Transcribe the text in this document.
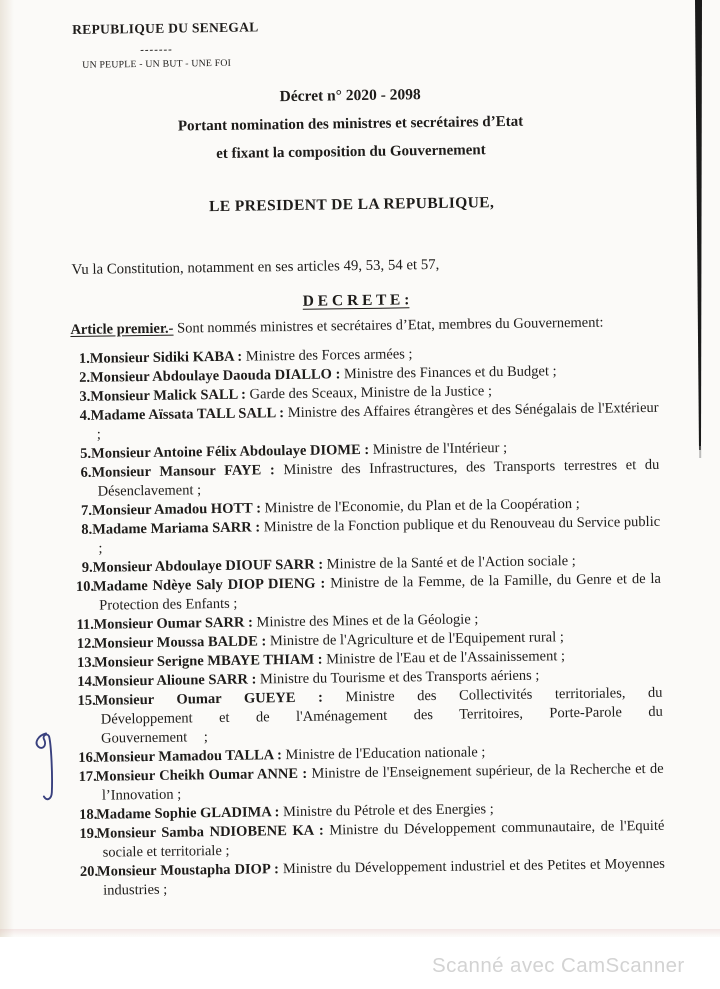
REPUBLIQUE DU SENEGAL
-------
UN PEUPLE - UN BUT - UNE FOI
Décret n° 2020 - 2098
Portant nomination des ministres et secrétaires d’Etat
et fixant la composition du Gouvernement
LE PRESIDENT DE LA REPUBLIQUE,
Vu la Constitution, notamment en ses articles 49, 53, 54 et 57,
D E C R E T E :
Article premier.- Sont nommés ministres et secrétaires d’Etat, membres du Gouvernement:
1.Monsieur Sidiki KABA : Ministre des Forces armées ;
2.Monsieur Abdoulaye Daouda DIALLO : Ministre des Finances et du Budget ;
3.Monsieur Malick SALL : Garde des Sceaux, Ministre de la Justice ;
4.Madame Aïssata TALL SALL : Ministre des Affaires étrangères et des Sénégalais de l'Extérieur ;
5.Monsieur Antoine Félix Abdoulaye DIOME : Ministre de l'Intérieur ;
6.Monsieur Mansour FAYE : Ministre des Infrastructures, des Transports terrestres et du Désenclavement ;
7.Monsieur Amadou HOTT : Ministre de l'Economie, du Plan et de la Coopération ;
8.Madame Mariama SARR : Ministre de la Fonction publique et du Renouveau du Service public ;
9.Monsieur Abdoulaye DIOUF SARR : Ministre de la Santé et de l'Action sociale ;
10.Madame Ndèye Saly DIOP DIENG : Ministre de la Femme, de la Famille, du Genre et de la Protection des Enfants ;
11.Monsieur Oumar SARR : Ministre des Mines et de la Géologie ;
12.Monsieur Moussa BALDE : Ministre de l'Agriculture et de l'Equipement rural ;
13.Monsieur Serigne MBAYE THIAM : Ministre de l'Eau et de l'Assainissement ;
14.Monsieur Alioune SARR : Ministre du Tourisme et des Transports aériens ;
15.Monsieur Oumar GUEYE : Ministre des Collectivités territoriales, du Développement et de l'Aménagement des Territoires, Porte-Parole du Gouvernement ;
16.Monsieur Mamadou TALLA : Ministre de l'Education nationale ;
17.Monsieur Cheikh Oumar ANNE : Ministre de l'Enseignement supérieur, de la Recherche et de l’Innovation ;
18.Madame Sophie GLADIMA : Ministre du Pétrole et des Energies ;
19.Monsieur Samba NDIOBENE KA : Ministre du Développement communautaire, de l'Equité sociale et territoriale ;
20.Monsieur Moustapha DIOP : Ministre du Développement industriel et des Petites et Moyennes industries ;
Scanné avec CamScanner
